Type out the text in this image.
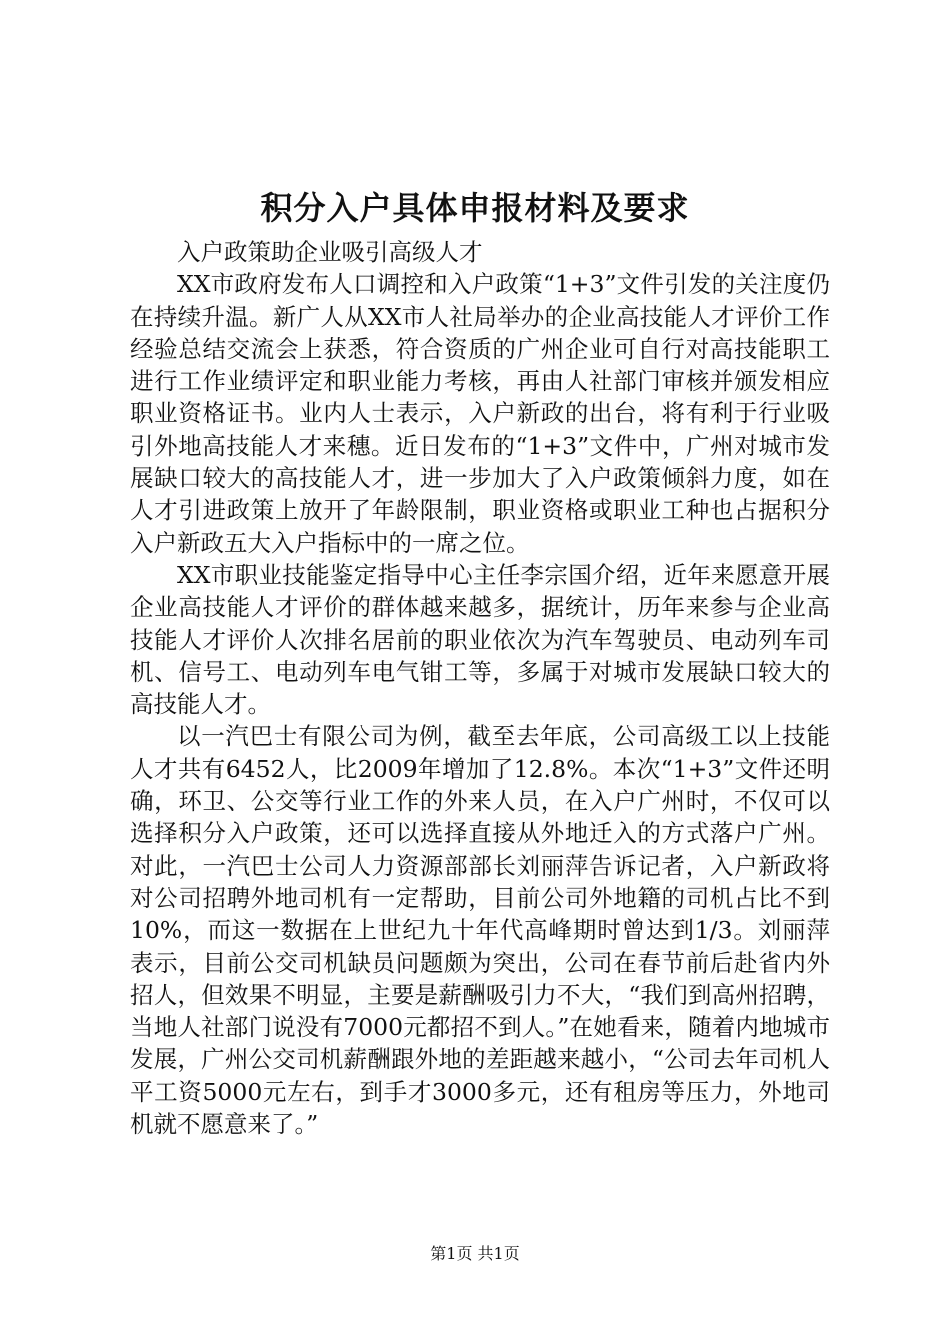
积分入户具体申报材料及要求

入户政策助企业吸引高级人才

XX市政府发布人口调控和入户政策“1+3”文件引发的关注度仍在持续升温。新广人从XX市人社局举办的企业高技能人才评价工作经验总结交流会上获悉，符合资质的广州企业可自行对高技能职工进行工作业绩评定和职业能力考核，再由人社部门审核并颁发相应职业资格证书。业内人士表示，入户新政的出台，将有利于行业吸引外地高技能人才来穗。近日发布的“1+3”文件中，广州对城市发展缺口较大的高技能人才，进一步加大了入户政策倾斜力度，如在人才引进政策上放开了年龄限制，职业资格或职业工种也占据积分入户新政五大入户指标中的一席之位。

XX市职业技能鉴定指导中心主任李宗国介绍，近年来愿意开展企业高技能人才评价的群体越来越多，据统计，历年来参与企业高技能人才评价人次排名居前的职业依次为汽车驾驶员、电动列车司机、信号工、电动列车电气钳工等，多属于对城市发展缺口较大的高技能人才。

以一汽巴士有限公司为例，截至去年底，公司高级工以上技能人才共有6452人，比2009年增加了12.8%。本次“1+3”文件还明确，环卫、公交等行业工作的外来人员，在入户广州时，不仅可以选择积分入户政策，还可以选择直接从外地迁入的方式落户广州。对此，一汽巴士公司人力资源部部长刘丽萍告诉记者，入户新政将对公司招聘外地司机有一定帮助，目前公司外地籍的司机占比不到10%，而这一数据在上世纪九十年代高峰期时曾达到1/3。刘丽萍表示，目前公交司机缺员问题颇为突出，公司在春节前后赴省内外招人，但效果不明显，主要是薪酬吸引力不大，“我们到高州招聘，当地人社部门说没有7000元都招不到人。”在她看来，随着内地城市发展，广州公交司机薪酬跟外地的差距越来越小，“公司去年司机人平工资5000元左右，到手才3000多元，还有租房等压力，外地司机就不愿意来了。”

第1页 共1页
